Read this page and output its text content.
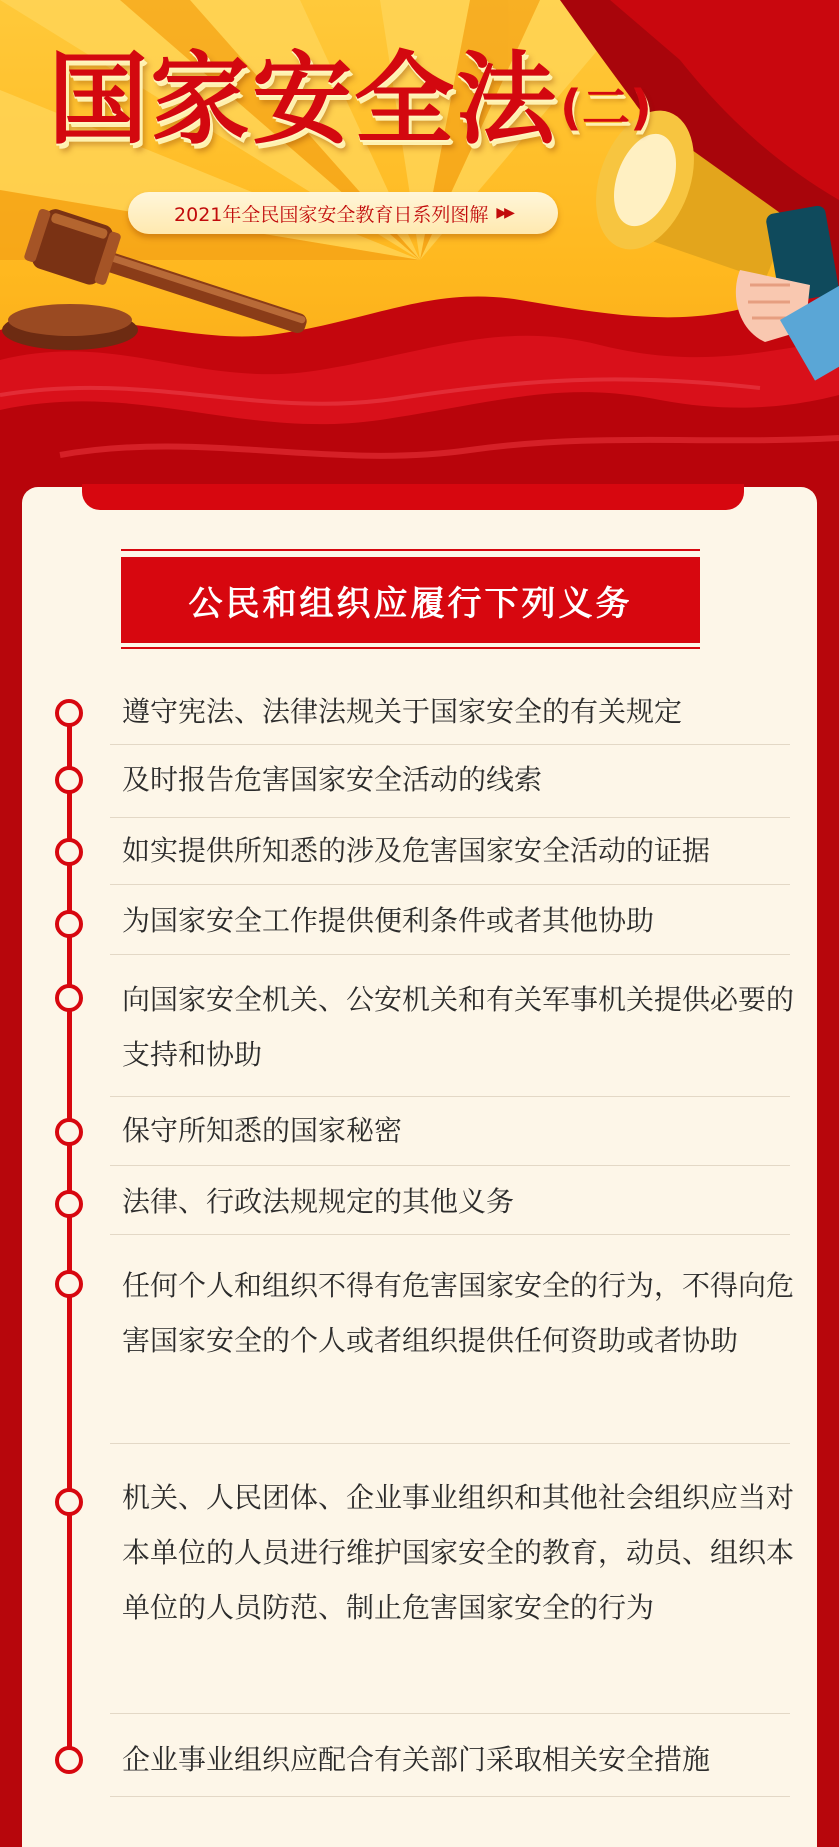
国家安全法 (二)
2021年全民国家安全教育日系列图解 ▶▶
公民和组织应履行下列义务
遵守宪法、法律法规关于国家安全的有关规定
及时报告危害国家安全活动的线索
如实提供所知悉的涉及危害国家安全活动的证据
为国家安全工作提供便利条件或者其他协助
向国家安全机关、公安机关和有关军事机关提供必要的支持和协助
保守所知悉的国家秘密
法律、行政法规规定的其他义务
任何个人和组织不得有危害国家安全的行为，不得向危害国家安全的个人或者组织提供任何资助或者协助
机关、人民团体、企业事业组织和其他社会组织应当对本单位的人员进行维护国家安全的教育，动员、组织本单位的人员防范、制止危害国家安全的行为
企业事业组织应配合有关部门采取相关安全措施
